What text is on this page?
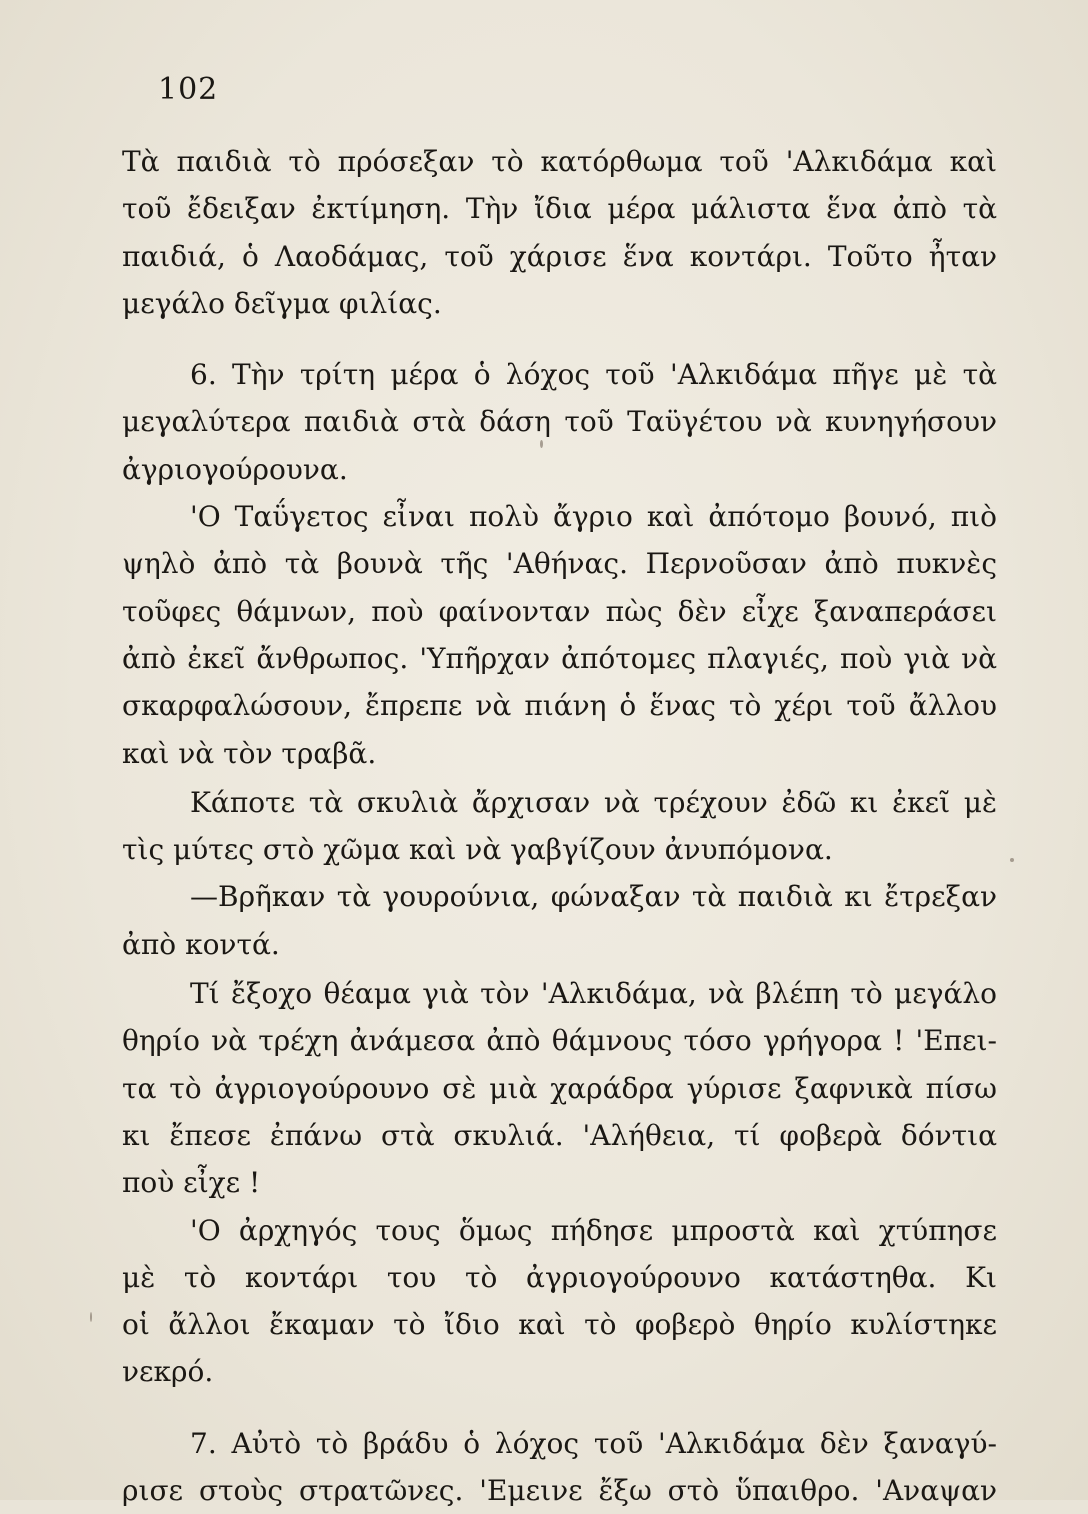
102
Τὰ παιδιὰ τὸ πρόσεξαν τὸ κατόρθωμα τοῦ 'Αλκιδάμα καὶ
τοῦ ἔδειξαν ἐκτίμηση. Τὴν ἴδια μέρα μάλιστα ἕνα ἀπὸ τὰ
παιδιά, ὁ Λαοδάμας, τοῦ χάρισε ἕνα κοντάρι. Τοῦτο ἦταν
μεγάλο δεῖγμα φιλίας.
6. Τὴν τρίτη μέρα ὁ λόχος τοῦ 'Αλκιδάμα πῆγε μὲ τὰ
μεγαλύτερα παιδιὰ στὰ δάση τοῦ Ταϋγέτου νὰ κυνηγήσουν
ἀγριογούρουνα.
'Ο Ταΰγετος εἶναι πολὺ ἄγριο καὶ ἀπότομο βουνό, πιὸ
ψηλὸ ἀπὸ τὰ βουνὰ τῆς 'Αθήνας. Περνοῦσαν ἀπὸ πυκνὲς
τοῦφες θάμνων, ποὺ φαίνονταν πὼς δὲν εἶχε ξαναπεράσει
ἀπὸ ἐκεῖ ἄνθρωπος. 'Υπῆρχαν ἀπότομες πλαγιές, ποὺ γιὰ νὰ
σκαρφαλώσουν, ἔπρεπε νὰ πιάνη ὁ ἕνας τὸ χέρι τοῦ ἄλλου
καὶ νὰ τὸν τραβᾶ.
Κάποτε τὰ σκυλιὰ ἄρχισαν νὰ τρέχουν ἐδῶ κι ἐκεῖ μὲ
τὶς μύτες στὸ χῶμα καὶ νὰ γαβγίζουν ἀνυπόμονα.
—Βρῆκαν τὰ γουρούνια, φώναξαν τὰ παιδιὰ κι ἔτρεξαν
ἀπὸ κοντά.
Τί ἔξοχο θέαμα γιὰ τὸν 'Αλκιδάμα, νὰ βλέπη τὸ μεγάλο
θηρίο νὰ τρέχη ἀνάμεσα ἀπὸ θάμνους τόσο γρήγορα ! 'Επει-
τα τὸ ἀγριογούρουνο σὲ μιὰ χαράδρα γύρισε ξαφνικὰ πίσω
κι ἔπεσε ἐπάνω στὰ σκυλιά. 'Αλήθεια, τί φοβερὰ δόντια
ποὺ εἶχε !
'Ο ἀρχηγός τους ὅμως πήδησε μπροστὰ καὶ χτύπησε
μὲ τὸ κοντάρι του τὸ ἀγριογούρουνο κατάστηθα. Κι
οἱ ἄλλοι ἔκαμαν τὸ ἴδιο καὶ τὸ φοβερὸ θηρίο κυλίστηκε
νεκρό.
7. Αὐτὸ τὸ βράδυ ὁ λόχος τοῦ 'Αλκιδάμα δὲν ξαναγύ-
ρισε στοὺς στρατῶνες. 'Εμεινε ἔξω στὸ ὕπαιθρο. 'Αναψαν
